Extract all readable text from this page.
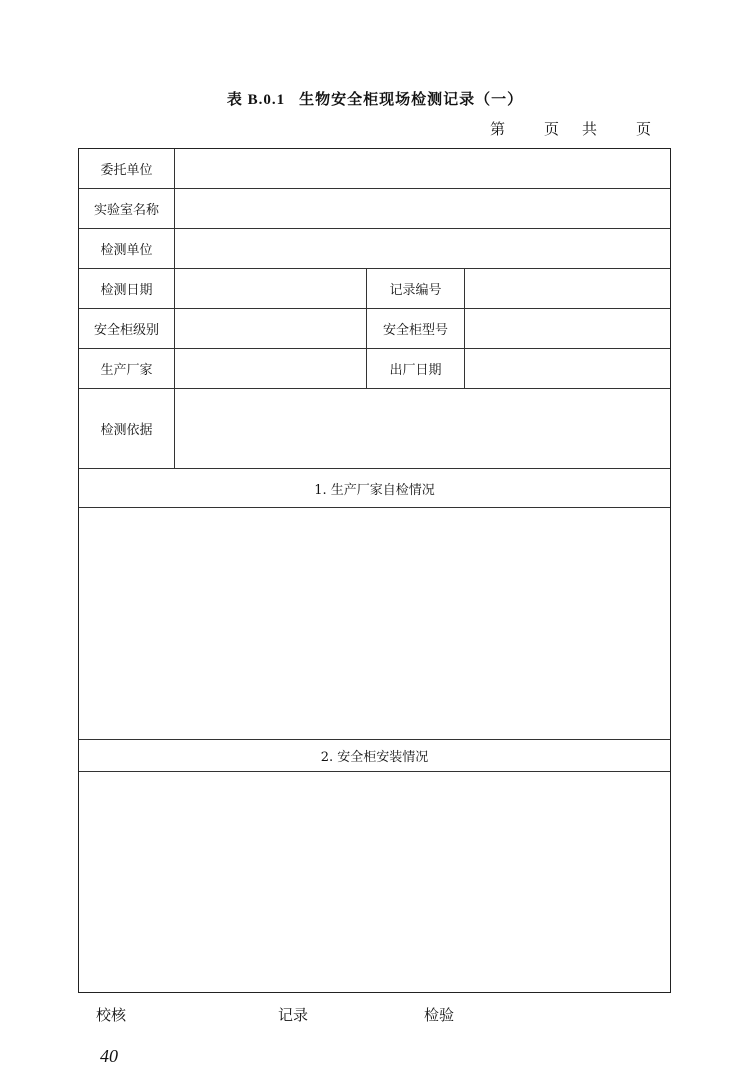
表 B.0.1 生物安全柜现场检测记录（一）
第	页 共	页
委托单位
实验室名称
检测单位
检测日期	记录编号
安全柜级别	安全柜型号
生产厂家	出厂日期
检测依据
1. 生产厂家自检情况
2. 安全柜安装情况
校核	记录	检验
40
